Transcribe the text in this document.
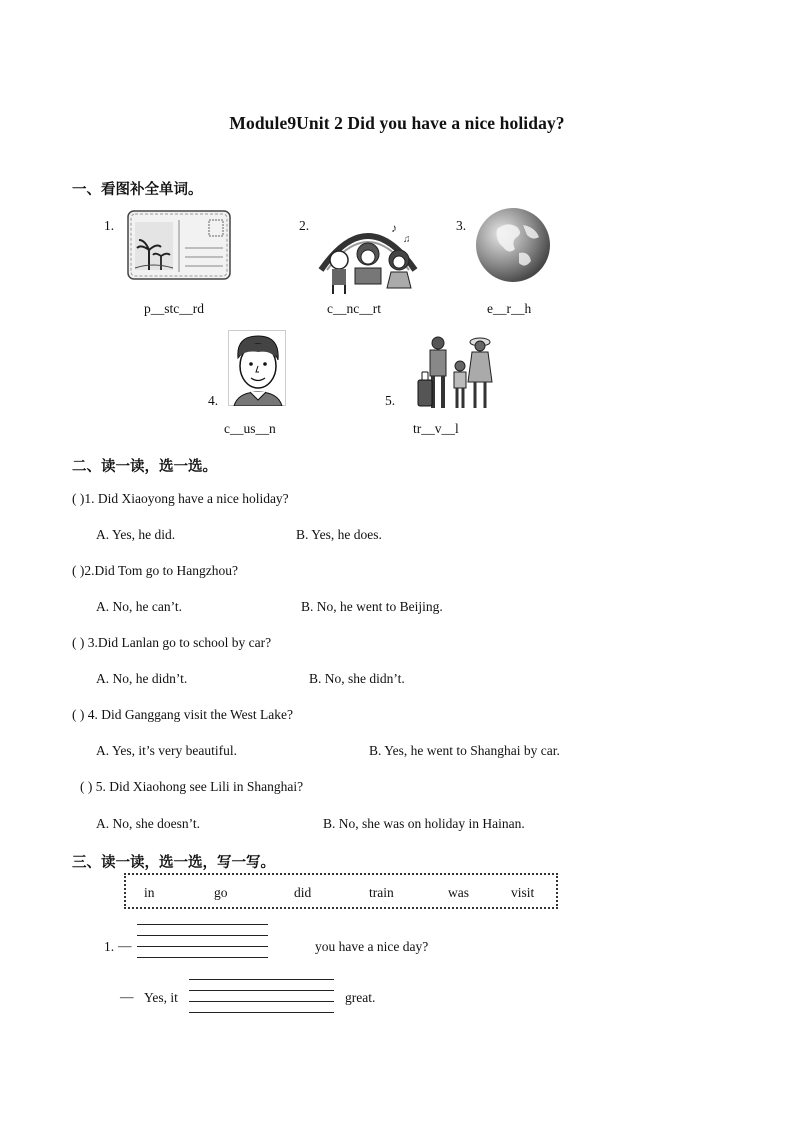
Module9Unit 2 Did you have a nice holiday?
一、看图补全单词。
1.
p__stc__rd
2.	♪
♫
c__nc__rt
3.
e__r__h
4.
c__us__n
5.
tr__v__l
二、读一读，选一选。
( )1. Did Xiaoyong have a nice holiday?
A. Yes, he did.	B. Yes, he does.
( )2.Did Tom go to Hangzhou?
A. No, he can’t.	B. No, he went to Beijing.
( ) 3.Did Lanlan go to school by car?
A. No, he didn’t.	B. No, she didn’t.
( ) 4. Did Ganggang visit the West Lake?
A. Yes, it’s very beautiful.	B. Yes, he went to Shanghai by car.
( ) 5. Did Xiaohong see Lili in Shanghai?
A. No, she doesn’t.	B. No, she was on holiday in Hainan.
三、读一读，选一选，写一写。
in	go	did	train	was	visit
1. —	you have a nice day?
— Yes, it	great.
